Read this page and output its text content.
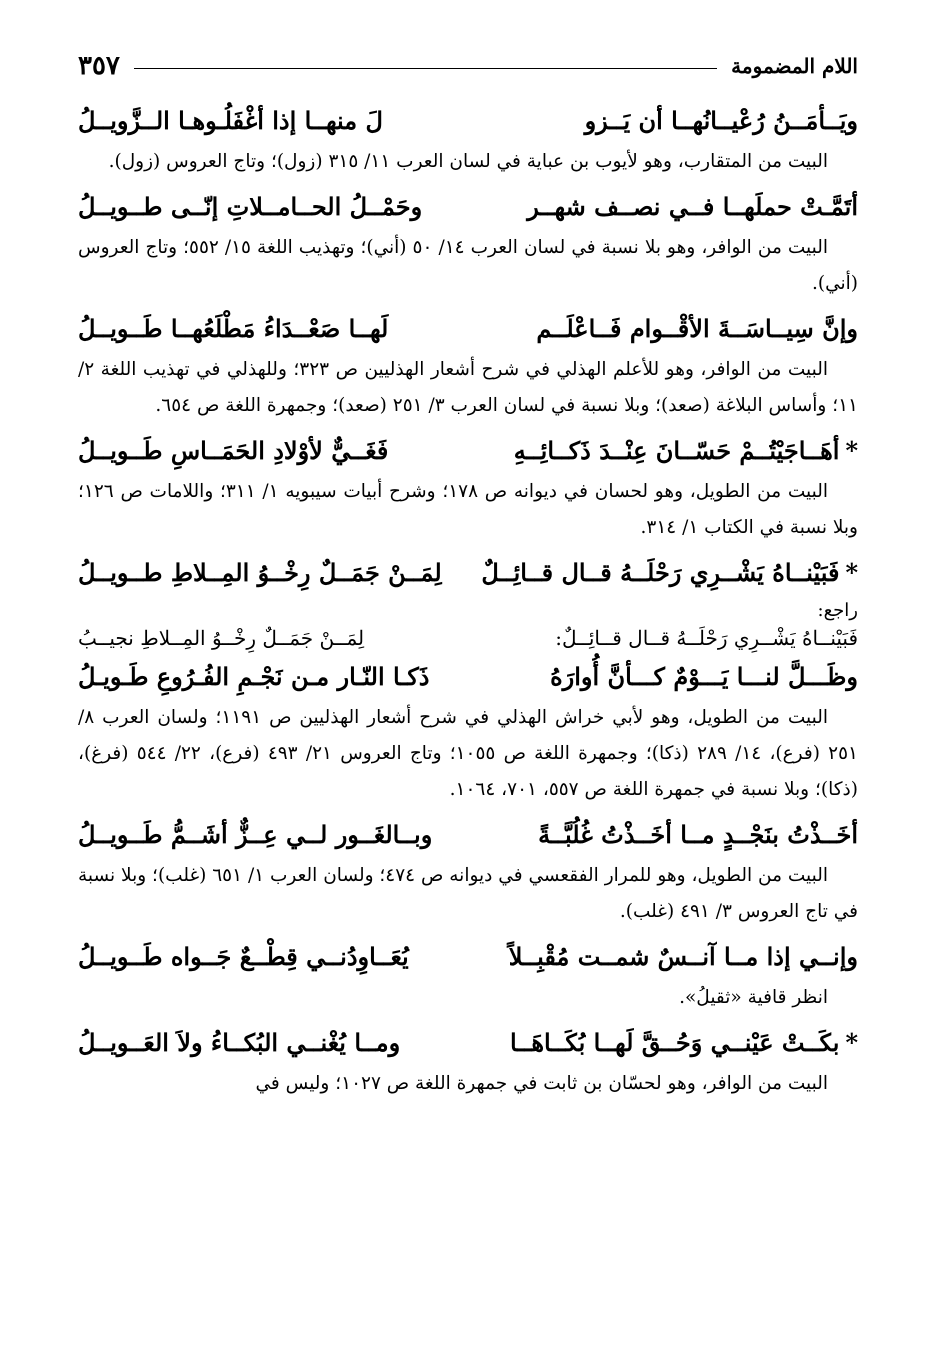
اللام المضمومة
٣٥٧
ويَــأمَــنُ رُعْيــانُهــا أن يَــزو
لَ منهــا إذا أغْفَلُـوهـا الــزَّويــلُ

البيت من المتقارب، وهو لأيوب بن عباية في لسان العرب ١١/ ٣١٥ (زول)؛ وتاج العروس (زول).

أتَمَّـتْ حملَهــا فــي نصــف شهــر
وحَمْــلُ الحــامــلاتِ إنّــى طــويــلُ

البيت من الوافر، وهو بلا نسبة في لسان العرب ١٤/ ٥٠ (أني)؛ وتهذيب اللغة ١٥/ ٥٥٢؛ وتاج العروس (أني).

وإنَّ سِيــاسَــةَ الأقْــوام فَــاعْلَــم
لَهــا صَعْــدَاءُ مَطْلَعُهــا طَــويــلُ

البيت من الوافر، وهو للأعلم الهذلي في شرح أشعار الهذليين ص ٣٢٣؛ وللهذلي في تهذيب اللغة ٢/ ١١؛ وأساس البلاغة (صعد)؛ وبلا نسبة في لسان العرب ٣/ ٢٥١ (صعد)؛ وجمهرة اللغة ص ٦٥٤.

*أهَــاجَيْتُــمْ حَسّــانَ عِنْــدَ ذَكــائِــهِ
فَغَــيٌّ لأوْلادِ الحَمَــاسِ طَــويــلُ

البيت من الطويل، وهو لحسان في ديوانه ص ١٧٨؛ وشرح أبيات سيبويه ١/ ٣١١؛ واللامات ص ١٢٦؛ وبلا نسبة في الكتاب ١/ ٣١٤.

*فَبَيْنــاهُ يَشْــرِي رَحْلَــهُ قــال قــائِــلٌ
لِمَــنْ جَمَــلٌ رِخْــوُ المِــلاطِ طــويــلُ
راجع:
فَبَيْنــاهُ يَشْــرِي رَحْلَــهُ قــال قــائِــلٌ:
لِمَــنْ جَمَــلٌ رِخْــوُ المِــلاطِ نجيــبُ
وظَـــلَّ لنـــا يَـــوْمٌ كـــأنَّ أُوارَهُ
ذَكـا النّـار مـن نَجْـمِ الفُـرُوعِ طَـويـلُ

البيت من الطويل، وهو لأبي خراش الهذلي في شرح أشعار الهذليين ص ١١٩١؛ ولسان العرب ٨/ ٢٥١ (فرع)، ١٤/ ٢٨٩ (ذكا)؛ وجمهرة اللغة ص ١٠٥٥؛ وتاج العروس ٢١/ ٤٩٣ (فرع)، ٢٢/ ٥٤٤ (فرغ)، (ذكا)؛ وبلا نسبة في جمهرة اللغة ص ٥٥٧، ٧٠١، ١٠٦٤.

أخَــذْتُ بنَجْــدٍ مــا أخَــذْتُ غُلُبَّــةً
وبــالغَــور لــي عِــزٌّ أشَــمُّ طَــويــلُ

البيت من الطويل، وهو للمرار الفقعسي في ديوانه ص ٤٧٤؛ ولسان العرب ١/ ٦٥١ (غلب)؛ وبلا نسبة في تاج العروس ٣/ ٤٩١ (غلب).

وإنــي إذا مــا آنــسٌ شمــت مُقْبِــلاً
يُعَــاوِدُنــي قِطْــعٌ جَــواه طَــويــلُ

انظر قافية «ثقيلُ».

*بكَــتْ عَيْنــي وَحُــقَّ لَهــا بُكَــاهَــا
ومــا يُغْنــي البُكــاءُ ولاَ العَــويــلُ

البيت من الوافر، وهو لحسّان بن ثابت في جمهرة اللغة ص ١٠٢٧؛ وليس في
